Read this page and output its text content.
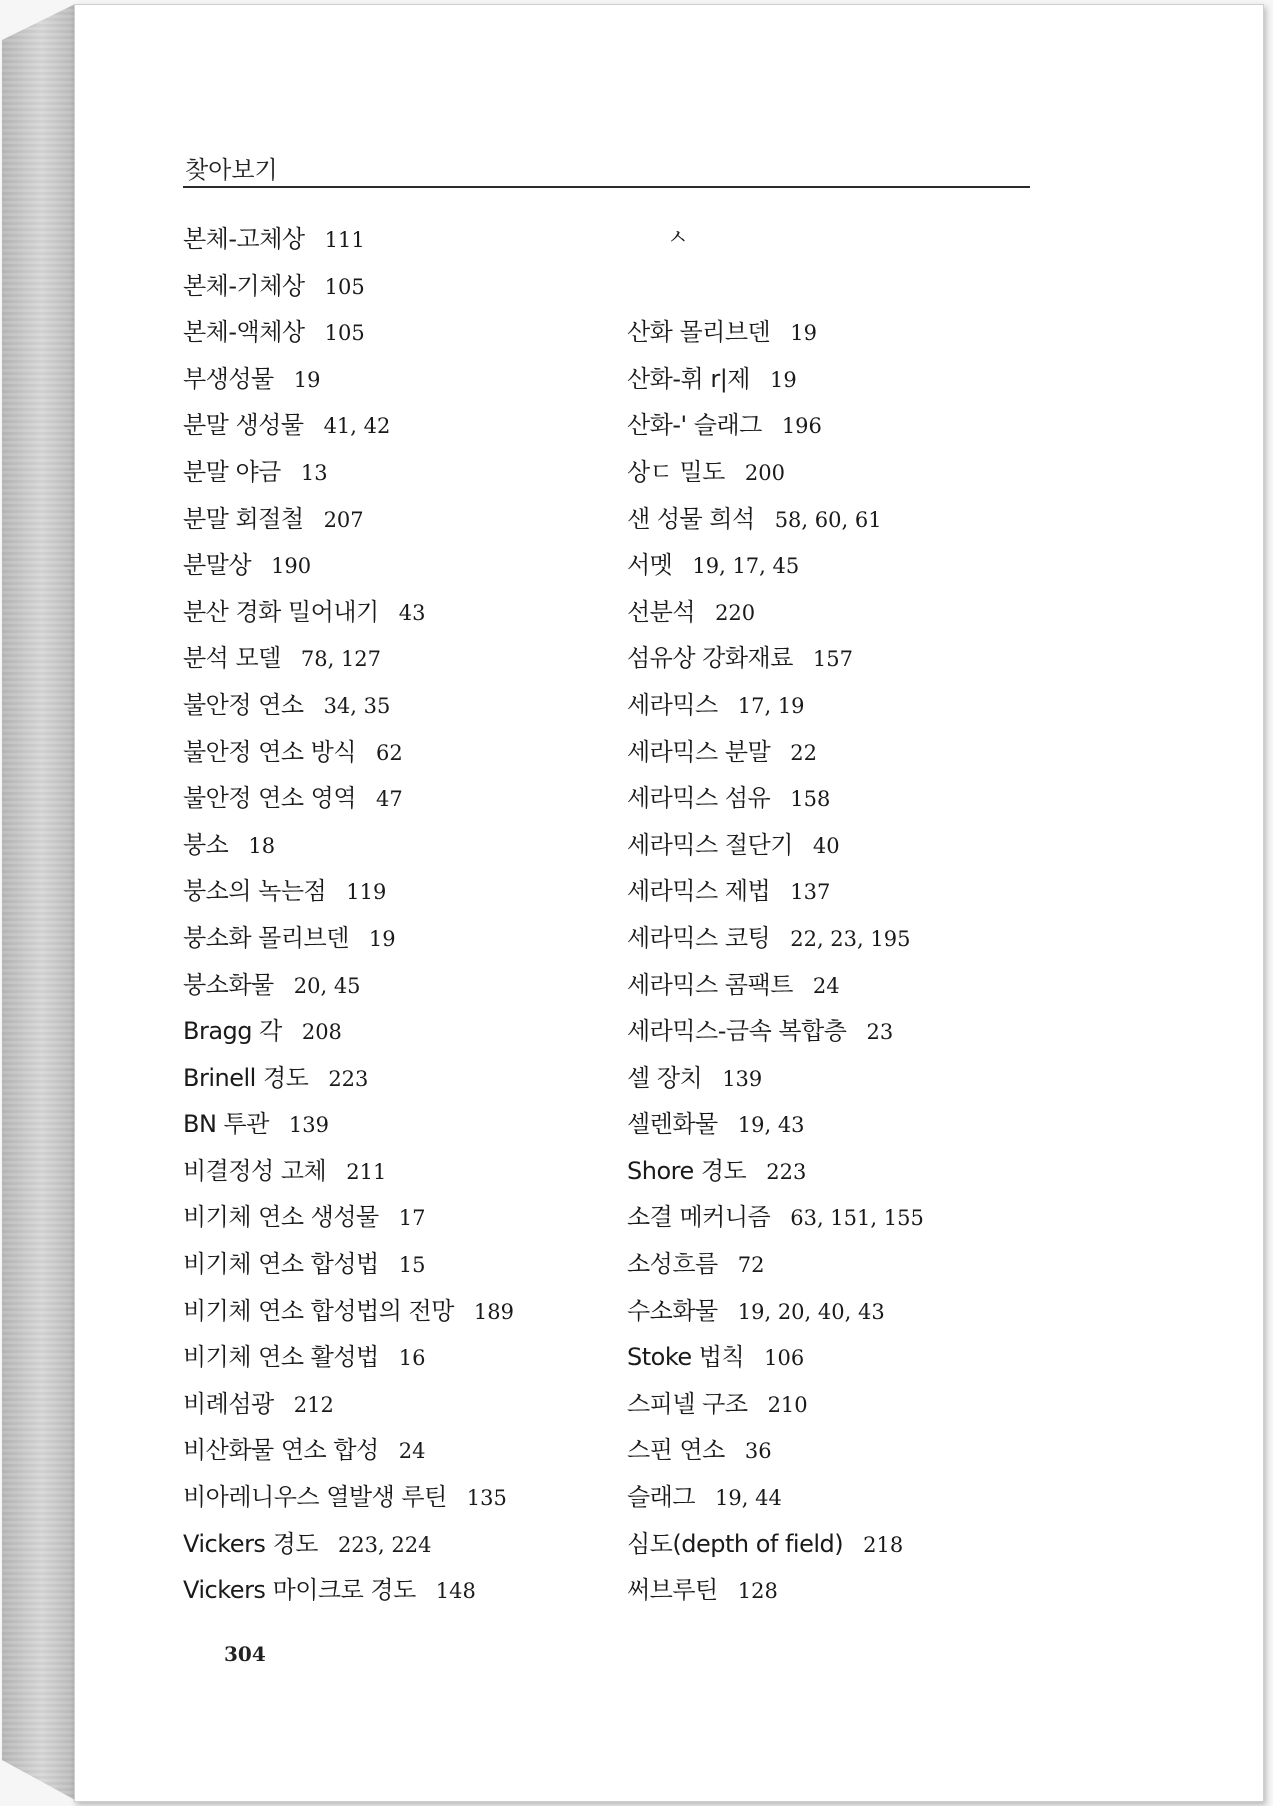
찾아보기
본체-고체상 111
본체-기체상 105
본체-액체상 105
부생성물 19
분말 생성물 41, 42
분말 야금 13
분말 회절철 207
분말상 190
분산 경화 밀어내기 43
분석 모델 78, 127
불안정 연소 34, 35
불안정 연소 방식 62
불안정 연소 영역 47
붕소 18
붕소의 녹는점 119
붕소화 몰리브덴 19
붕소화물 20, 45
Bragg 각 208
Brinell 경도 223
BN 투관 139
비결정성 고체 211
비기체 연소 생성물 17
비기체 연소 합성법 15
비기체 연소 합성법의 전망 189
비기체 연소 활성법 16
비례섬광 212
비산화물 연소 합성 24
비아레니우스 열발생 루틴 135
Vickers 경도 223, 224
Vickers 마이크로 경도 148
ㅅ
산화 몰리브덴 19
산화-휘 r|제 19
산화-' 슬래그 196
상ㄷ 밀도 200
샌 성물 희석 58, 60, 61
서멧 19, 17, 45
선분석 220
섬유상 강화재료 157
세라믹스 17, 19
세라믹스 분말 22
세라믹스 섬유 158
세라믹스 절단기 40
세라믹스 제법 137
세라믹스 코팅 22, 23, 195
세라믹스 콤팩트 24
세라믹스-금속 복합층 23
셀 장치 139
셀렌화물 19, 43
Shore 경도 223
소결 메커니즘 63, 151, 155
소성흐름 72
수소화물 19, 20, 40, 43
Stoke 법칙 106
스피넬 구조 210
스핀 연소 36
슬래그 19, 44
심도(depth of field) 218
써브루틴 128
304
